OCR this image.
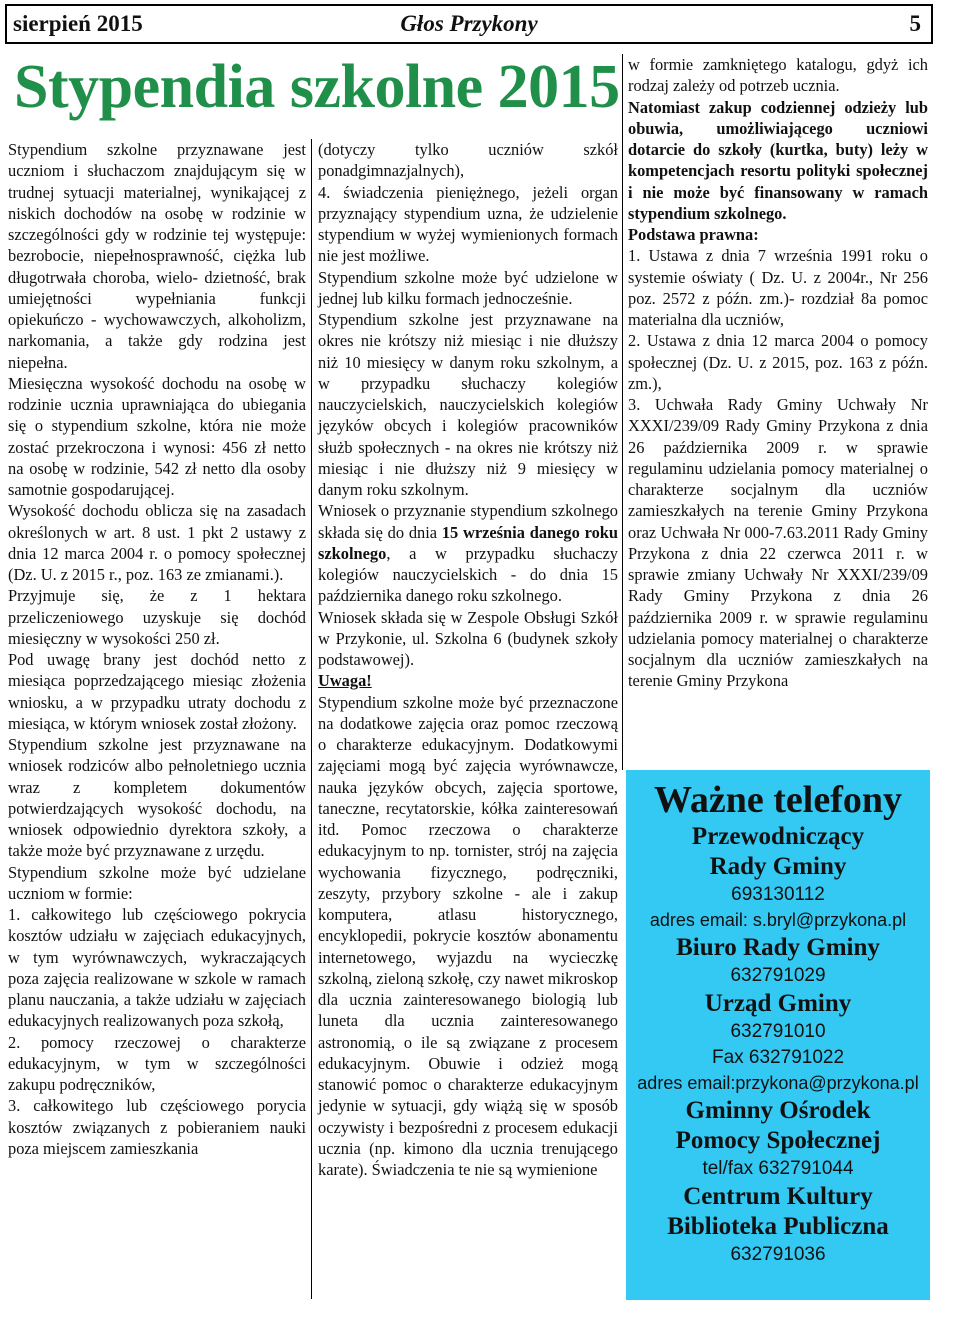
sierpień 2015	Głos Przykony	5
Stypendia szkolne 2015

Stypendium szkolne przyznawane jest uczniom i słuchaczom znajdującym się w trudnej sytuacji materialnej, wynikającej z niskich dochodów na osobę w rodzinie w szczególności gdy w rodzinie tej występuje: bezrobocie, niepełnosprawność, ciężka lub długotrwała choroba, wielo- dzietność, brak umiejętności wypełniania funkcji opiekuńczo - wychowawczych, alkoholizm, narkomania, a także gdy rodzina jest niepełna.

Miesięczna wysokość dochodu na osobę w rodzinie ucznia uprawniająca do ubiegania się o stypendium szkolne, która nie może zostać przekroczona i wynosi: 456 zł netto na osobę w rodzinie, 542 zł netto dla osoby samotnie gospodarującej.

Wysokość dochodu oblicza się na zasadach określonych w art. 8 ust. 1 pkt 2 ustawy z dnia 12 marca 2004 r. o pomocy społecznej (Dz. U. z 2015 r., poz. 163 ze zmianami.).

Przyjmuje się, że z 1 hektara przeliczeniowego uzyskuje się dochód miesięczny w wysokości 250 zł.

Pod uwagę brany jest dochód netto z miesiąca poprzedzającego miesiąc złożenia wniosku, a w przypadku utraty dochodu z miesiąca, w którym wniosek został złożony.

Stypendium szkolne jest przyznawane na wniosek rodziców albo pełnoletniego ucznia wraz z kompletem dokumentów potwierdzających wysokość dochodu, na wniosek odpowiednio dyrektora szkoły, a także może być przyznawane z urzędu.

Stypendium szkolne może być udzielane uczniom w formie:

1. całkowitego lub częściowego pokrycia kosztów udziału w zajęciach edukacyjnych, w tym wyrównawczych, wykraczających poza zajęcia realizowane w szkole w ramach planu nauczania, a także udziału w zajęciach edukacyjnych realizowanych poza szkołą,

2. pomocy rzeczowej o charakterze edukacyjnym, w tym w szczególności zakupu podręczników,

3. całkowitego lub częściowego porycia kosztów związanych z pobieraniem nauki poza miejscem zamieszkania

(dotyczy tylko uczniów szkół ponadgimnazjalnych),

4. świadczenia pieniężnego, jeżeli organ przyznający stypendium uzna, że udzielenie stypendium w wyżej wymienionych formach nie jest możliwe.

Stypendium szkolne może być udzielone w jednej lub kilku formach jednocześnie.

Stypendium szkolne jest przyznawane na okres nie krótszy niż miesiąc i nie dłuższy niż 10 miesięcy w danym roku szkolnym, a w przypadku słuchaczy kolegiów nauczycielskich, nauczycielskich kolegiów języków obcych i kolegiów pracowników służb społecznych - na okres nie krótszy niż miesiąc i nie dłuższy niż 9 miesięcy w danym roku szkolnym.

Wniosek o przyznanie stypendium szkolnego składa się do dnia 15 września danego roku szkolnego, a w przypadku słuchaczy kolegiów nauczycielskich - do dnia 15 października danego roku szkolnego.

Wniosek składa się w Zespole Obsługi Szkół w Przykonie, ul. Szkolna 6 (budynek szkoły podstawowej).

Uwaga!

Stypendium szkolne może być przeznaczone na dodatkowe zajęcia oraz pomoc rzeczową o charakterze edukacyjnym. Dodatkowymi zajęciami mogą być zajęcia wyrównawcze, nauka języków obcych, zajęcia sportowe, taneczne, recytatorskie, kółka zainteresowań itd. Pomoc rzeczowa o charakterze edukacyjnym to np. tornister, strój na zajęcia wychowania fizycznego, podręczniki, zeszyty, przybory szkolne - ale i zakup komputera, atlasu historycznego, encyklopedii, pokrycie kosztów abonamentu internetowego, wyjazdu na wycieczkę szkolną, zieloną szkołę, czy nawet mikroskop dla ucznia zainteresowanego biologią lub luneta dla ucznia zainteresowanego astronomią, o ile są związane z procesem edukacyjnym. Obuwie i odzież mogą stanowić pomoc o charakterze edukacyjnym jedynie w sytuacji, gdy wiążą się w sposób oczywisty i bezpośredni z procesem edukacji ucznia (np. kimono dla ucznia trenującego karate). Świadczenia te nie są wymienione

w formie zamkniętego katalogu, gdyż ich rodzaj zależy od potrzeb ucznia.

Natomiast zakup codziennej odzieży lub obuwia, umożliwiającego uczniowi dotarcie do szkoły (kurtka, buty) leży w kompetencjach resortu polityki społecznej i nie może być finansowany w ramach stypendium szkolnego.

Podstawa prawna:

1. Ustawa z dnia 7 września 1991 roku o systemie oświaty ( Dz. U. z 2004r., Nr 256 poz. 2572 z późn. zm.)- rozdział 8a pomoc materialna dla uczniów,

2. Ustawa z dnia 12 marca 2004 o pomocy społecznej (Dz. U. z 2015, poz. 163 z późn. zm.),

3. Uchwała Rady Gminy Uchwały Nr XXXI/239/09 Rady Gminy Przykona z dnia 26 października 2009 r. w sprawie regulaminu udzielania pomocy materialnej o charakterze socjalnym dla uczniów zamieszkałych na terenie Gminy Przykona oraz Uchwała Nr 000-7.63.2011 Rady Gminy Przykona z dnia 22 czerwca 2011 r. w sprawie zmiany Uchwały Nr XXXI/239/09 Rady Gminy Przykona z dnia 26 października 2009 r. w sprawie regulaminu udzielania pomocy materialnej o charakterze socjalnym dla uczniów zamieszkałych na terenie Gminy Przykona

Ważne telefony
Przewodniczący
Rady Gminy
693130112
adres email: s.bryl@przykona.pl
Biuro Rady Gminy
632791029
Urząd Gminy
632791010
Fax 632791022
adres email:przykona@przykona.pl
Gminny Ośrodek
Pomocy Społecznej
tel/fax 632791044
Centrum Kultury
Biblioteka Publiczna
632791036
